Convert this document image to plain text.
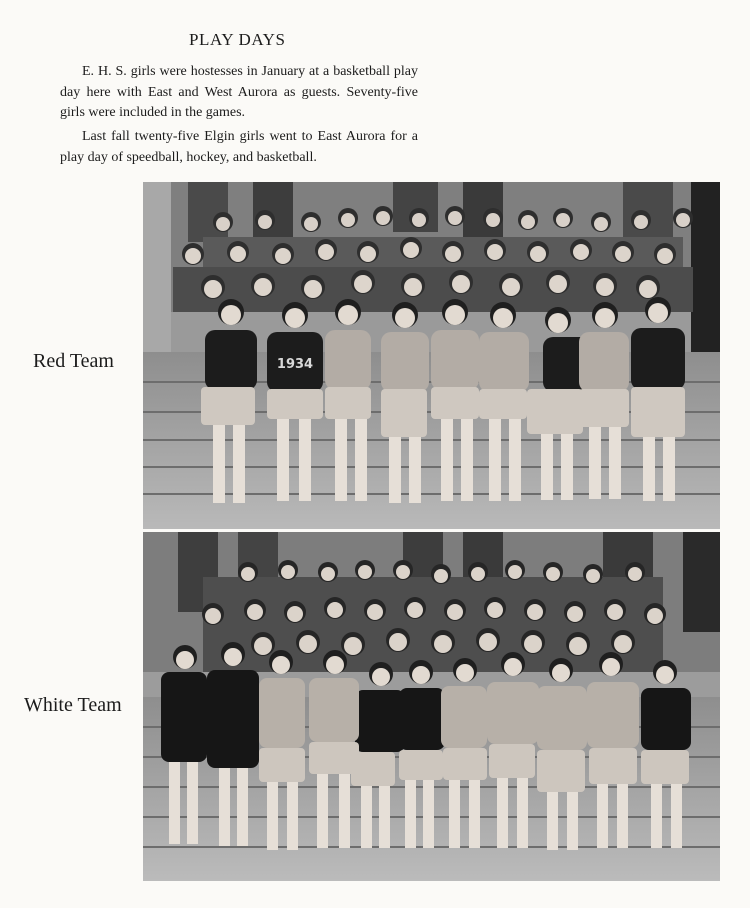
PLAY DAYS
E. H. S. girls were hostesses in January at a basketball play day here with East and West Aurora as guests. Seventy-five girls were included in the games.
Last fall twenty-five Elgin girls went to East Aurora for a play day of speedball, hockey, and basketball.
1934
Red Team
White Team
